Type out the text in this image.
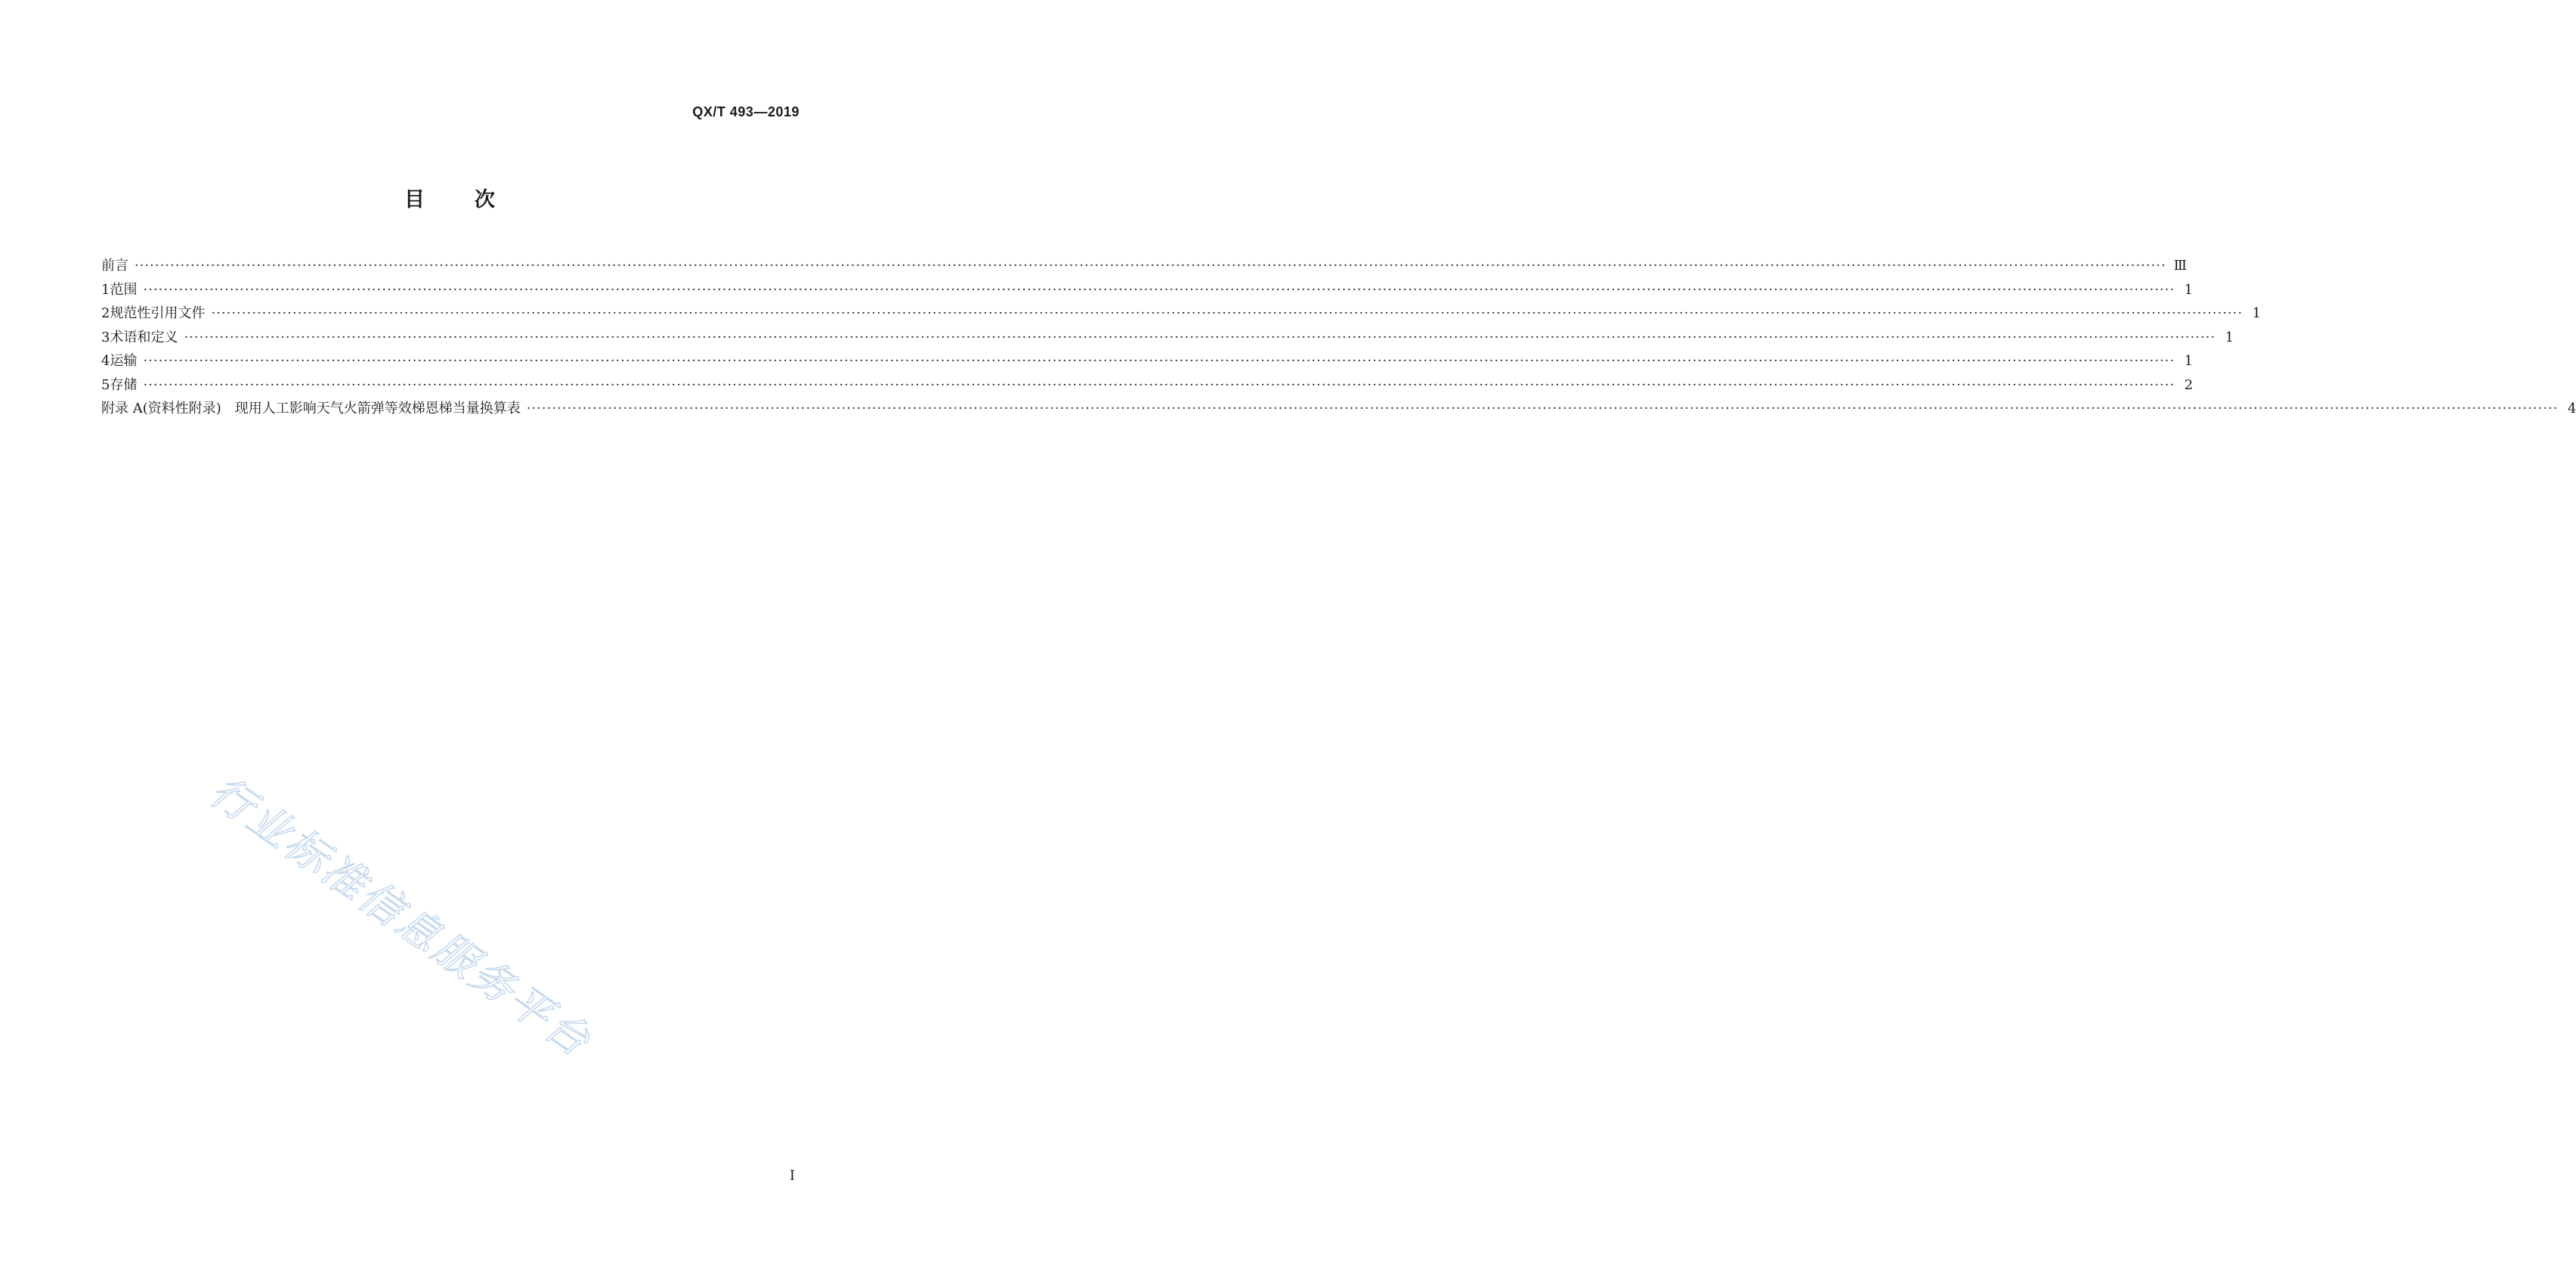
QX/T 493—2019
目次
前言 ················································································································································································································································································································································································································ Ⅲ
1 范围 ················································································································································································································································································································································································································ 1
2 规范性引用文件 ················································································································································································································································································································································································································ 1
3 术语和定义 ················································································································································································································································································································································································································ 1
4 运输 ················································································································································································································································································································································································································ 1
5 存储 ················································································································································································································································································································································································································ 2
附录 A(资料性附录)　现用人工影响天气火箭弹等效梯恩梯当量换算表 ················································································································································································································································································································································································································ 4
行业标准信息服务平台
I
